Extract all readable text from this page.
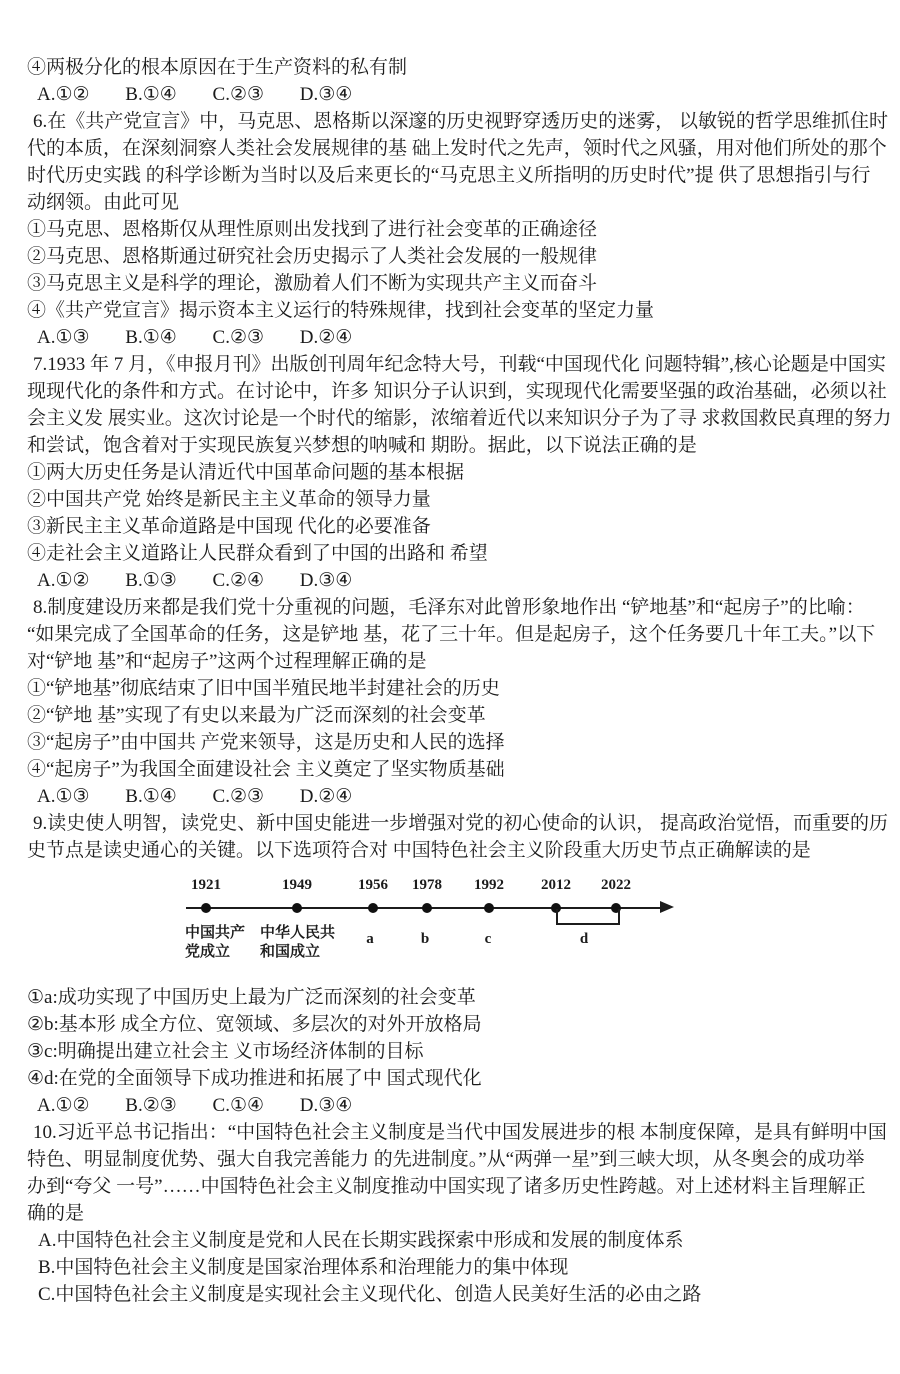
④两极分化的根本原因在于生产资料的私有制
A.①② B.①④ C.②③ D.③④
6.在《共产党宣言》中，马克思、恩格斯以深邃的历史视野穿透历史的迷雾， 以敏锐的哲学思维抓住时
代的本质，在深刻洞察人类社会发展规律的基 础上发时代之先声，领时代之风骚，用对他们所处的那个
时代历史实践 的科学诊断为当时以及后来更长的“马克思主义所指明的历史时代”提 供了思想指引与行
动纲领。由此可见
①马克思、恩格斯仅从理性原则出发找到了进行社会变革的正确途径
②马克思、恩格斯通过研究社会历史揭示了人类社会发展的一般规律
③马克思主义是科学的理论，激励着人们不断为实现共产主义而奋斗
④《共产党宣言》揭示资本主义运行的特殊规律，找到社会变革的坚定力量
A.①③ B.①④ C.②③ D.②④
7.1933 年 7 月，《申报月刊》出版创刊周年纪念特大号，刊载“中国现代化 问题特辑”,核心论题是中国实
现现代化的条件和方式。在讨论中，许多 知识分子认识到，实现现代化需要坚强的政治基础，必须以社
会主义发 展实业。这次讨论是一个时代的缩影，浓缩着近代以来知识分子为了寻 求救国救民真理的努力
和尝试，饱含着对于实现民族复兴梦想的呐喊和 期盼。据此，以下说法正确的是
①两大历史任务是认清近代中国革命问题的基本根据
②中国共产党 始终是新民主主义革命的领导力量
③新民主主义革命道路是中国现 代化的必要准备
④走社会主义道路让人民群众看到了中国的出路和 希望
A.①② B.①③ C.②④ D.③④
8.制度建设历来都是我们党十分重视的问题，毛泽东对此曾形象地作出 “铲地基”和“起房子”的比喻：
“如果完成了全国革命的任务，这是铲地 基，花了三十年。但是起房子，这个任务要几十年工夫。”以下
对“铲地 基”和“起房子”这两个过程理解正确的是
①“铲地基”彻底结束了旧中国半殖民地半封建社会的历史
②“铲地 基”实现了有史以来最为广泛而深刻的社会变革
③“起房子”由中国共 产党来领导，这是历史和人民的选择
④“起房子”为我国全面建设社会 主义奠定了坚实物质基础
A.①③ B.①④ C.②③ D.②④
9.读史使人明智，读党史、新中国史能进一步增强对党的初心使命的认识， 提高政治觉悟，而重要的历
史节点是读史通心的关键。以下选项符合对 中国特色社会主义阶段重大历史节点正确解读的是
1921	1949	1956 1978 1992 2012 2022
中国共产
党成立
中华人民共
和国成立
a	b	c	d
①a:成功实现了中国历史上最为广泛而深刻的社会变革
②b:基本形 成全方位、宽领域、多层次的对外开放格局
③c:明确提出建立社会主 义市场经济体制的目标
④d:在党的全面领导下成功推进和拓展了中 国式现代化
A.①② B.②③ C.①④ D.③④
10.习近平总书记指出：“中国特色社会主义制度是当代中国发展进步的根 本制度保障，是具有鲜明中国
特色、明显制度优势、强大自我完善能力 的先进制度。”从“两弹一星”到三峡大坝，从冬奥会的成功举
办到“夸父 一号”……中国特色社会主义制度推动中国实现了诸多历史性跨越。对上述材料主旨理解正
确的是
A.中国特色社会主义制度是党和人民在长期实践探索中形成和发展的制度体系
B.中国特色社会主义制度是国家治理体系和治理能力的集中体现
C.中国特色社会主义制度是实现社会主义现代化、创造人民美好生活的必由之路
